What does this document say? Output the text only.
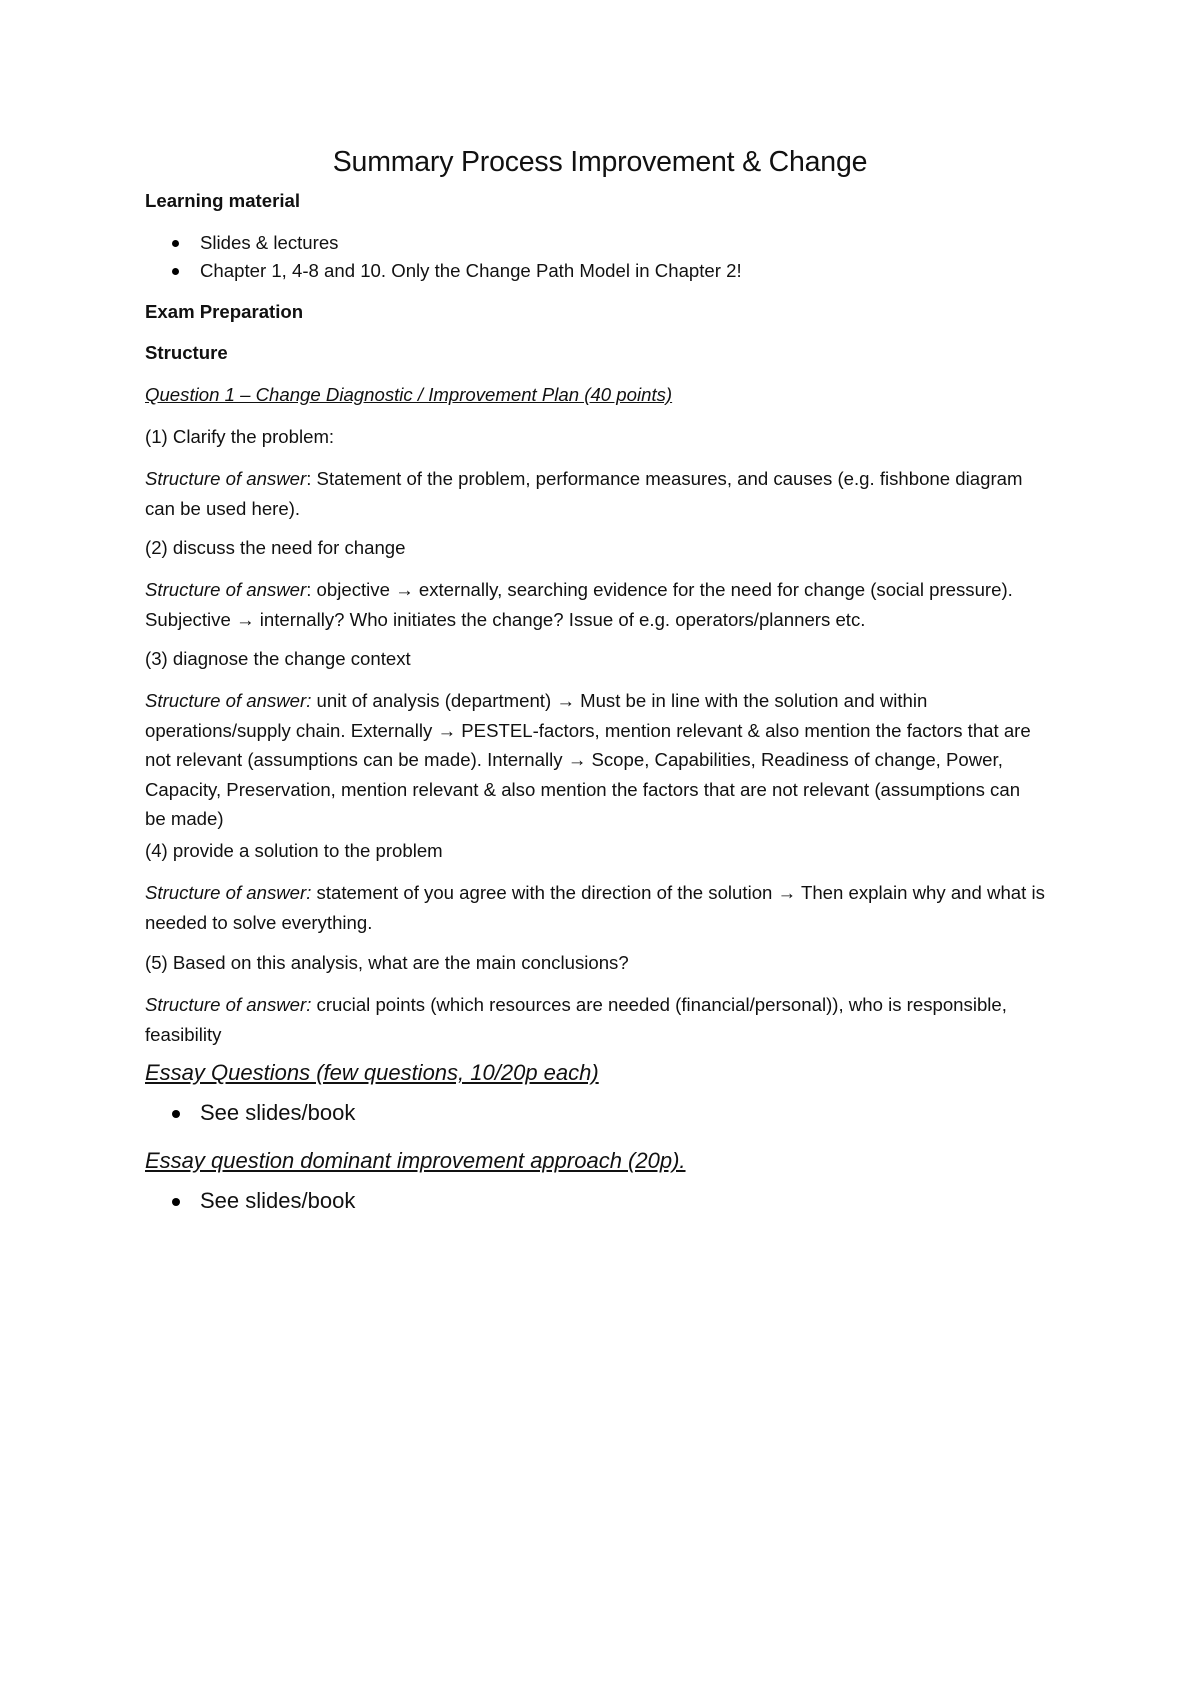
Summary Process Improvement & Change

Learning material

Slides & lectures

Chapter 1, 4-8 and 10. Only the Change Path Model in Chapter 2!

Exam Preparation

Structure

Question 1 – Change Diagnostic / Improvement Plan (40 points)

(1) Clarify the problem:

Structure of answer: Statement of the problem, performance measures, and causes (e.g. fishbone diagram can be used here).

(2) discuss the need for change

Structure of answer: objective → externally, searching evidence for the need for change (social pressure). Subjective → internally? Who initiates the change? Issue of e.g. operators/planners etc.

(3) diagnose the change context

Structure of answer: unit of analysis (department) → Must be in line with the solution and within operations/supply chain. Externally → PESTEL-factors, mention relevant & also mention the factors that are not relevant (assumptions can be made). Internally → Scope, Capabilities, Readiness of change, Power, Capacity, Preservation, mention relevant & also mention the factors that are not relevant (assumptions can be made)

(4) provide a solution to the problem

Structure of answer: statement of you agree with the direction of the solution → Then explain why and what is needed to solve everything.

(5) Based on this analysis, what are the main conclusions?

Structure of answer: crucial points (which resources are needed (financial/personal)), who is responsible, feasibility

Essay Questions (few questions, 10/20p each)

See slides/book

Essay question dominant improvement approach (20p).

See slides/book
